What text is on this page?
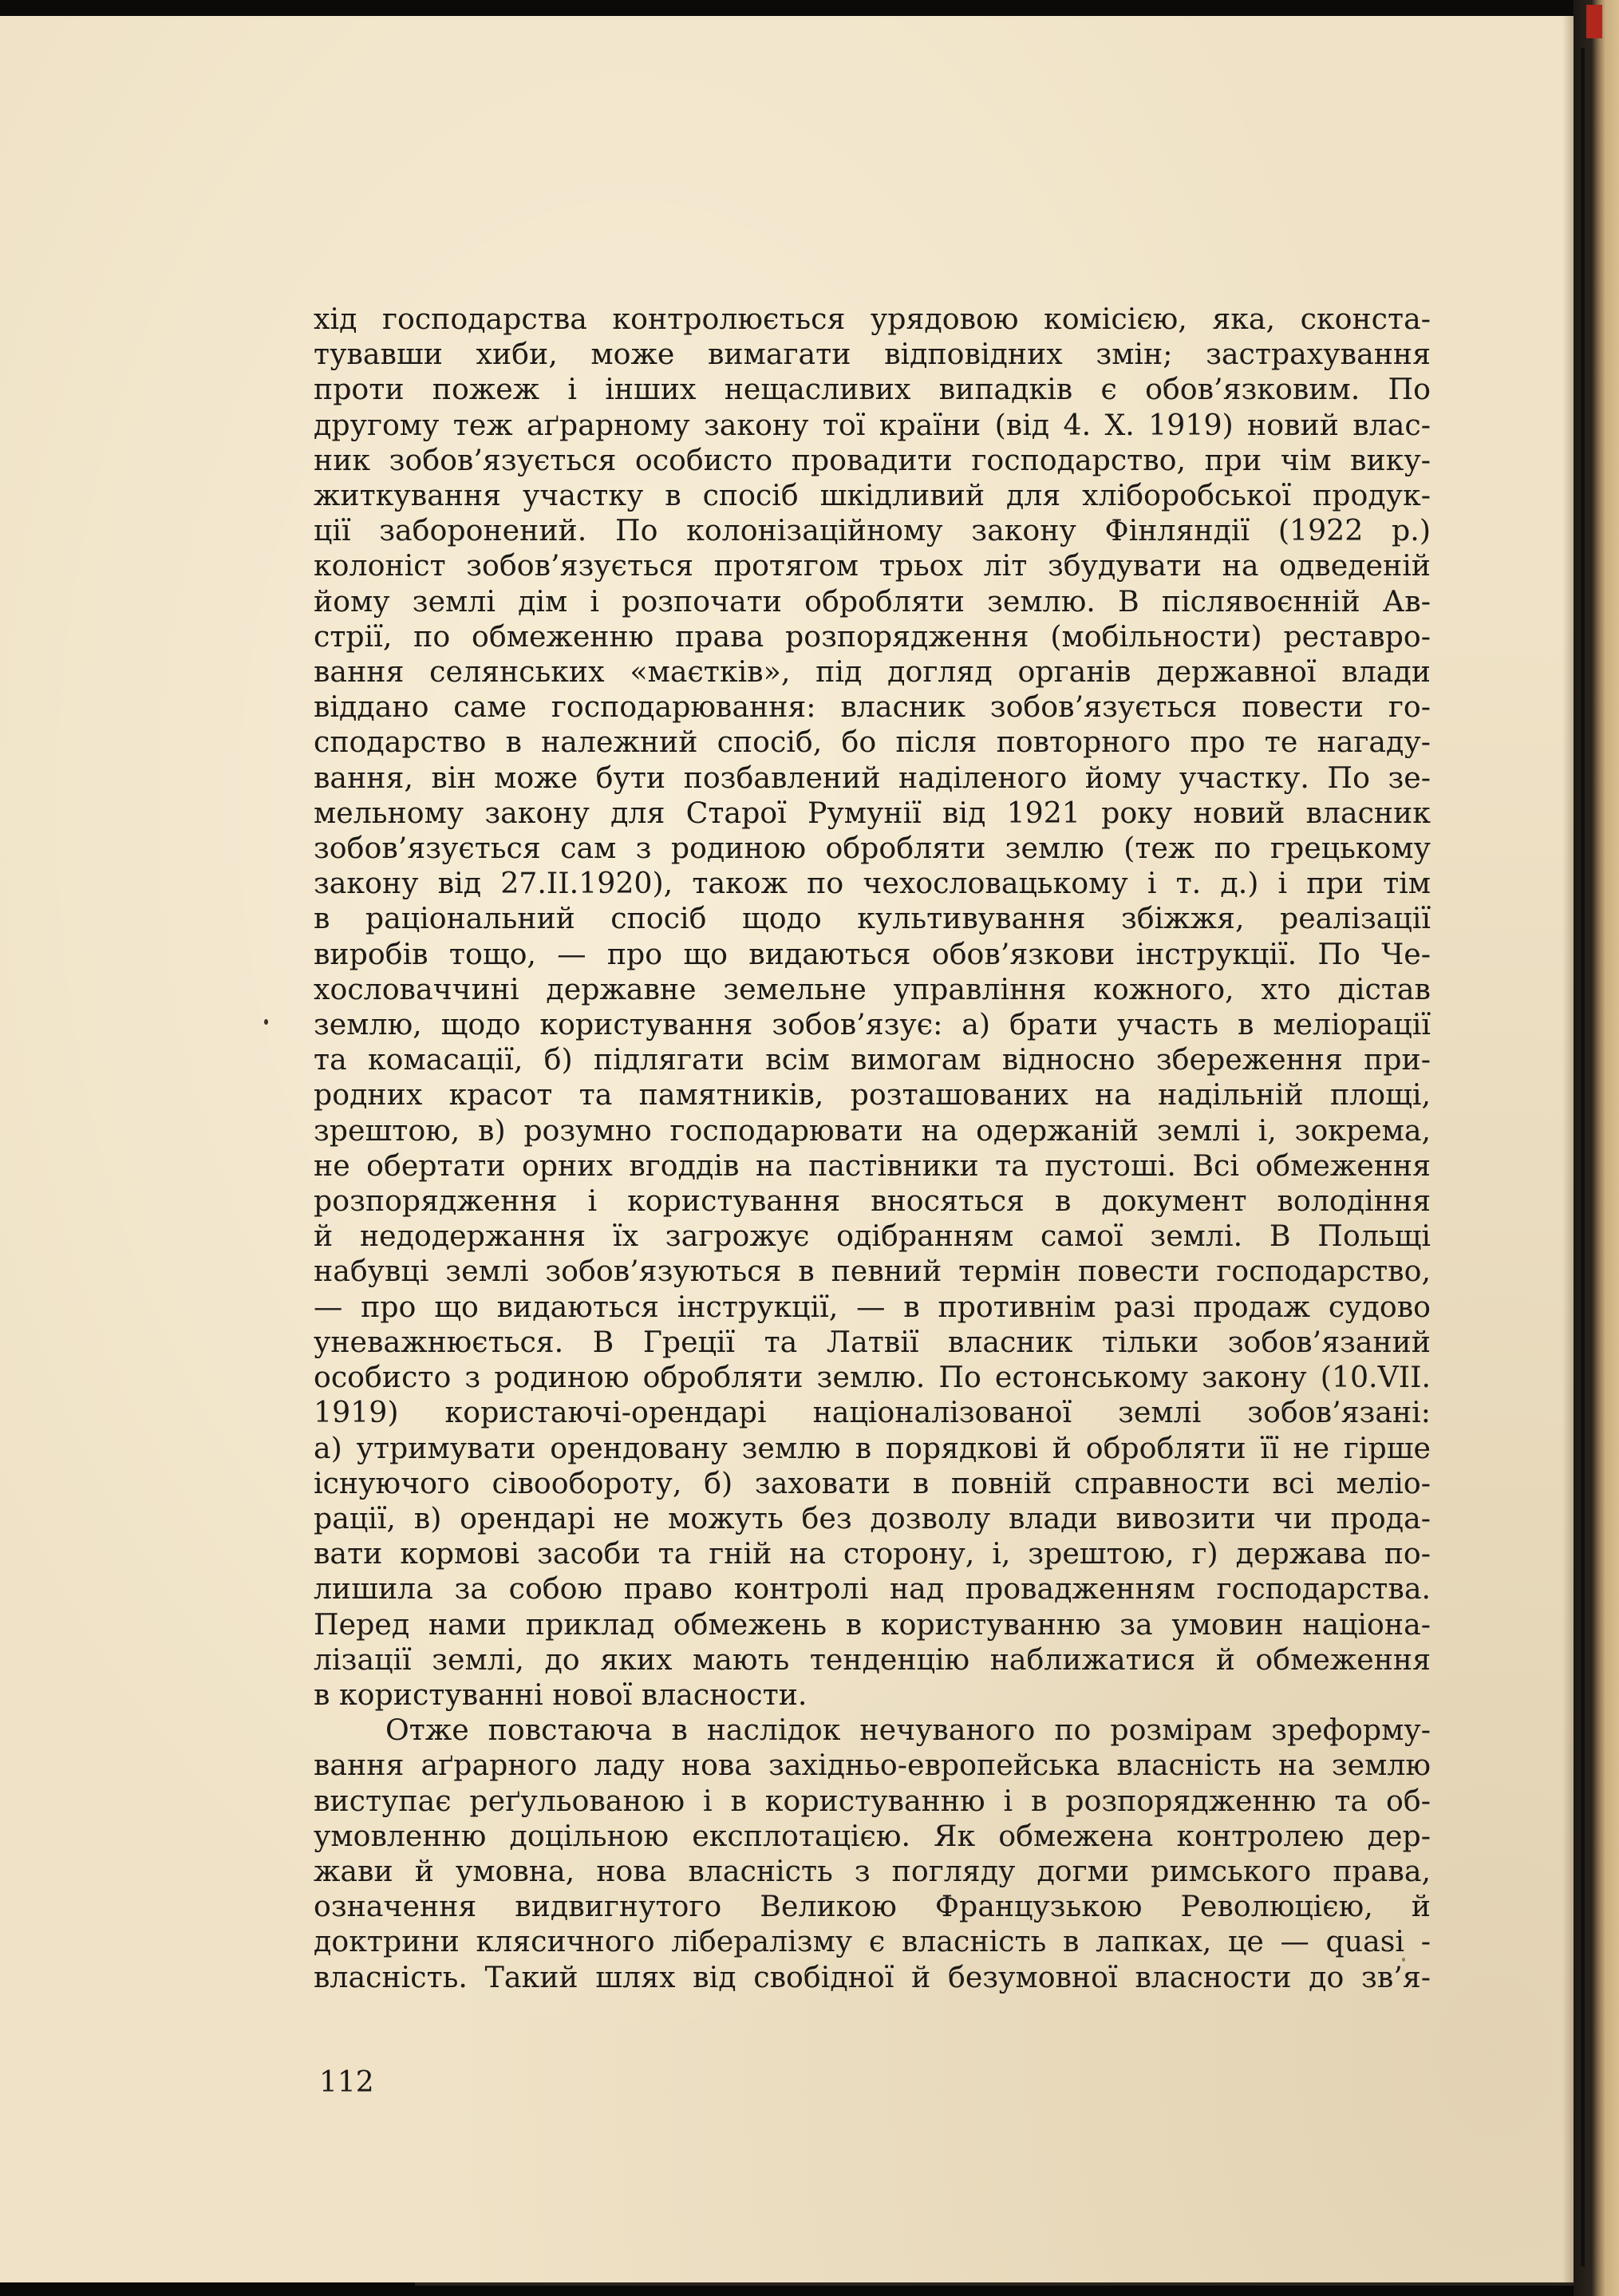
хід господарства контролюється урядовою комісією, яка, сконста-
тувавши хиби, може вимагати відповідних змін; застрахування
проти пожеж і інших нещасливих випадків є обов’язковим. По
другому теж аґрарному закону тої країни (від 4. X. 1919) новий влас-
ник зобов’язується особисто провадити господарство, при чім вику-
житкування участку в спосіб шкідливий для хліборобської продук-
ції заборонений. По колонізаційному закону Фінляндії (1922 р.)
колоніст зобов’язується протягом трьох літ збудувати на одведеній
йому землі дім і розпочати обробляти землю. В післявоєнній Ав-
стрії, по обмеженню права розпорядження (мобільности) реставро-
вання селянських «маєтків», під догляд органів державної влади
віддано саме господарювання: власник зобов’язується повести го-
сподарство в належний спосіб, бо після повторного про те нагаду-
вання, він може бути позбавлений наділеного йому участку. По зе-
мельному закону для Старої Румунії від 1921 року новий власник
зобов’язується сам з родиною обробляти землю (теж по грецькому
закону від 27.II.1920), також по чехословацькому і т. д.) і при тім
в раціональний спосіб щодо культивування збіжжя, реалізації
виробів тощо, — про що видаються обов’язкови інструкції. По Че-
хословаччині державне земельне управління кожного, хто дістав
землю, щодо користування зобов’язує: а) брати участь в меліорації
та комасації, б) підлягати всім вимогам відносно збереження при-
родних красот та памятників, розташованих на надільній площі,
зрештою, в) розумно господарювати на одержаній землі і, зокрема,
не обертати орних вгоддів на пастівники та пустоші. Всі обмеження
розпорядження і користування вносяться в документ володіння
й недодержання їх загрожує одібранням самої землі. В Польщі
набувці землі зобов’язуються в певний термін повести господарство,
— про що видаються інструкції, — в противнім разі продаж судово
уневажнюється. В Греції та Латвії власник тільки зобов’язаний
особисто з родиною обробляти землю. По естонському закону (10.VII.
1919) користаючі-орендарі націоналізованої землі зобов’язані:
а) утримувати орендовану землю в порядкові й обробляти її не гірше
існуючого сівообороту, б) заховати в повній справности всі меліо-
рації, в) орендарі не можуть без дозволу влади вивозити чи прода-
вати кормові засоби та гній на сторону, і, зрештою, г) держава по-
лишила за собою право контролі над провадженням господарства.
Перед нами приклад обмежень в користуванню за умовин націона-
лізації землі, до яких мають тенденцію наближатися й обмеження
в користуванні нової власности.
Отже повстаюча в наслідок нечуваного по розмірам зреформу-
вання аґрарного ладу нова західньо-европейська власність на землю
виступає реґульованою і в користуванню і в розпорядженню та об-
умовленню доцільною експлотацією. Як обмежена контролею дер-
жави й умовна, нова власність з погляду догми римського права,
означення видвигнутого Великою Французькою Революцією, й
доктрини клясичного лібералізму є власність в лапках, це — quasi -
власність. Такий шлях від свобідної й безумовної власности до зв’я-
112
